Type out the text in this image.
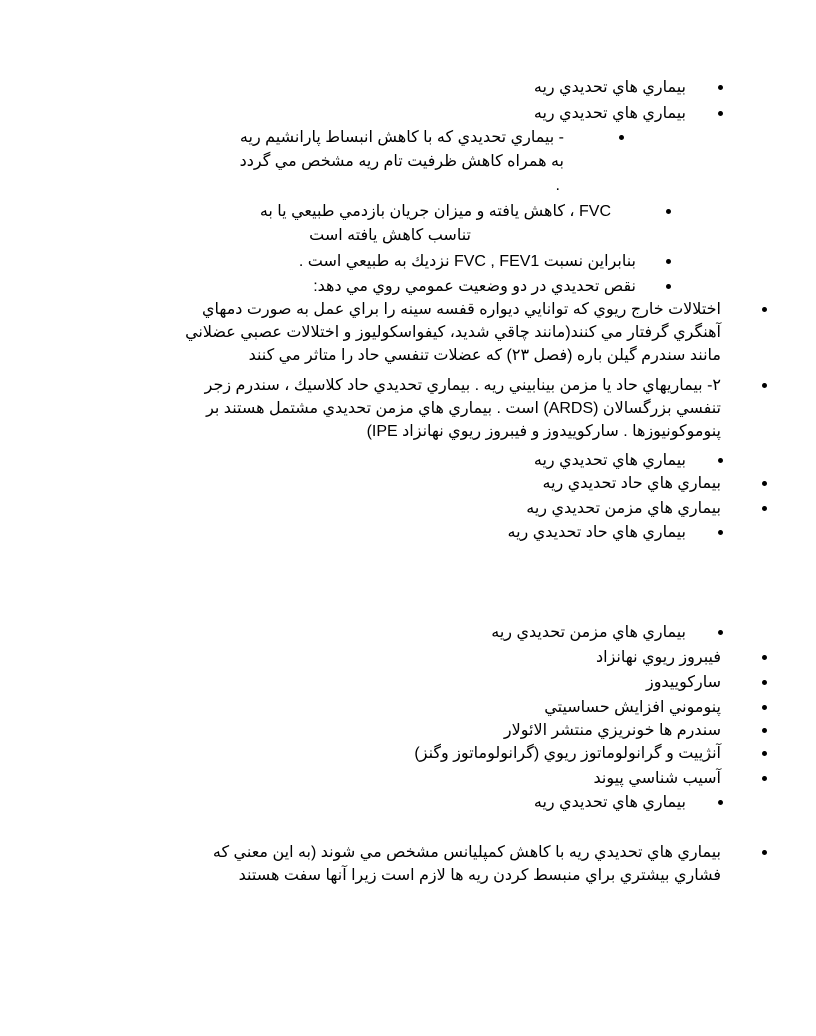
بيماري هاي تحديدي ريه
بيماري هاي تحديدي ريه
- بيماري تحديدي كه با كاهش انبساط پارانشيم ريه
به همراه كاهش ظرفيت تام ريه مشخص مي گردد
.
FVC ، كاهش يافته و ميزان جريان بازدمي طبيعي يا به
تناسب كاهش يافته است
بنابراين نسبت FVC , FEV1 نزديك به طبيعي است .
نقص تحديدي در دو وضعيت عمومي روي مي دهد:
اختلالات خارج ريوي كه توانايي ديواره قفسه سينه را براي عمل به صورت دمهاي
آهنگري گرفتار مي كنند(مانند چاقي شديد، كيفواسكوليوز و اختلالات عصبي عضلاني
مانند سندرم گيلن باره (فصل ٢٣) كه عضلات تنفسي حاد را متاثر مي كنند
٢- بيماريهاي حاد يا مزمن بينابيني ريه . بيماري تحديدي حاد كلاسيك ، سندرم زجر
تنفسي بزرگسالان (ARDS) است . بيماري هاي مزمن تحديدي مشتمل هستند بر
پنوموكونيوزها . ساركوييدوز و فيبروز ريوي نهانزاد IPE)
بيماري هاي تحديدي ريه
بيماري هاي حاد تحديدي ريه
بيماري هاي مزمن تحديدي ريه
بيماري هاي حاد تحديدي ريه
بيماري هاي مزمن تحديدي ريه
فيبروز ريوي نهانزاد
ساركوييدوز
پنوموني افزايش حساسيتي
سندرم ها خونريزي منتشر الائولار
آنژييت و گرانولوماتوز ريوي (گرانولوماتوز وگنز)
آسيب شناسي پيوند
بيماري هاي تحديدي ريه
بيماري هاي تحديدي ريه با كاهش كمپليانس مشخص مي شوند (به اين معني كه
فشاري بيشتري براي منبسط كردن ريه ها لازم است زيرا آنها سفت هستند
